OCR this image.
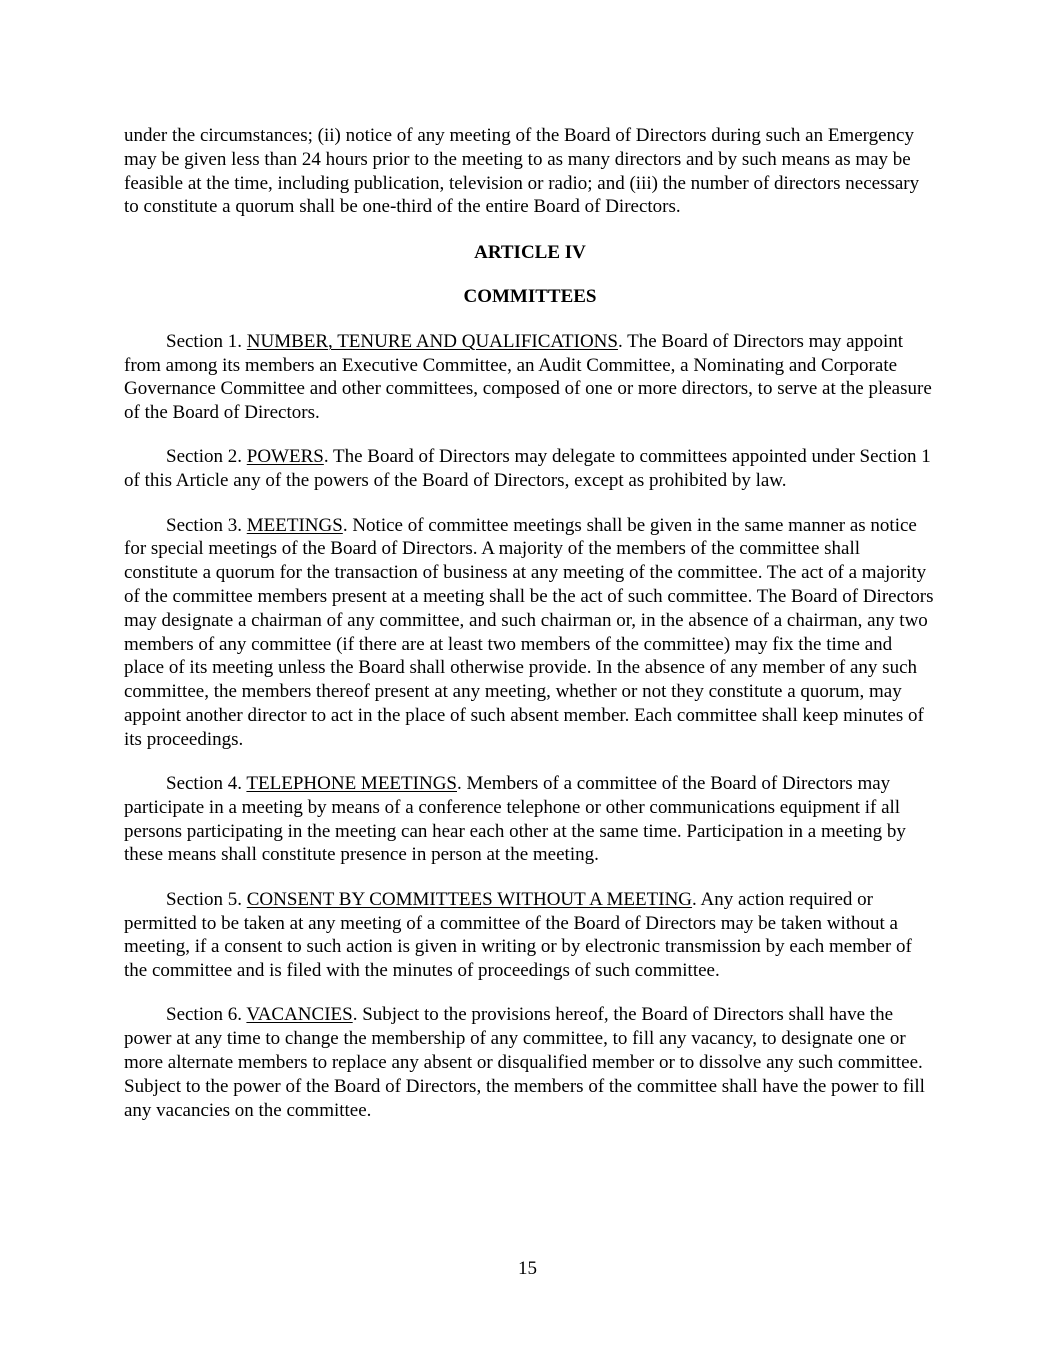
under the circumstances; (ii) notice of any meeting of the Board of Directors during such an Emergency may be given less than 24 hours prior to the meeting to as many directors and by such means as may be feasible at the time, including publication, television or radio; and (iii) the number of directors necessary to constitute a quorum shall be one-third of the entire Board of Directors.

ARTICLE IV

COMMITTEES

Section 1. NUMBER, TENURE AND QUALIFICATIONS. The Board of Directors may appoint from among its members an Executive Committee, an Audit Committee, a Nominating and Corporate Governance Committee and other committees, composed of one or more directors, to serve at the pleasure of the Board of Directors.

Section 2. POWERS. The Board of Directors may delegate to committees appointed under Section 1 of this Article any of the powers of the Board of Directors, except as prohibited by law.

Section 3. MEETINGS. Notice of committee meetings shall be given in the same manner as notice for special meetings of the Board of Directors. A majority of the members of the committee shall constitute a quorum for the transaction of business at any meeting of the committee. The act of a majority of the committee members present at a meeting shall be the act of such committee. The Board of Directors may designate a chairman of any committee, and such chairman or, in the absence of a chairman, any two members of any committee (if there are at least two members of the committee) may fix the time and place of its meeting unless the Board shall otherwise provide. In the absence of any member of any such committee, the members thereof present at any meeting, whether or not they constitute a quorum, may appoint another director to act in the place of such absent member. Each committee shall keep minutes of its proceedings.

Section 4. TELEPHONE MEETINGS. Members of a committee of the Board of Directors may participate in a meeting by means of a conference telephone or other communications equipment if all persons participating in the meeting can hear each other at the same time. Participation in a meeting by these means shall constitute presence in person at the meeting.

Section 5. CONSENT BY COMMITTEES WITHOUT A MEETING. Any action required or permitted to be taken at any meeting of a committee of the Board of Directors may be taken without a meeting, if a consent to such action is given in writing or by electronic transmission by each member of the committee and is filed with the minutes of proceedings of such committee.

Section 6. VACANCIES. Subject to the provisions hereof, the Board of Directors shall have the power at any time to change the membership of any committee, to fill any vacancy, to designate one or more alternate members to replace any absent or disqualified member or to dissolve any such committee. Subject to the power of the Board of Directors, the members of the committee shall have the power to fill any vacancies on the committee.

15
